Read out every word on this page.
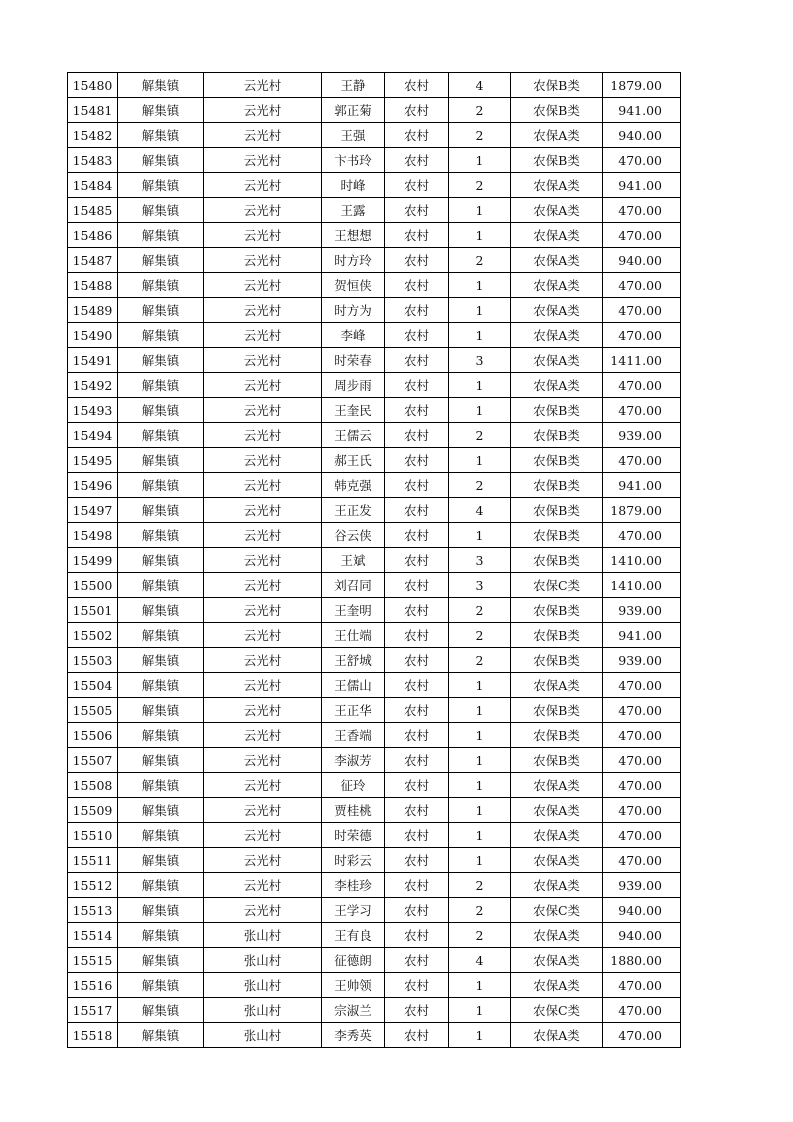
15480	解集镇	云光村	王静	农村	4	农保B类	1879.00
15481	解集镇	云光村	郭正菊	农村	2	农保B类	941.00
15482	解集镇	云光村	王强	农村	2	农保A类	940.00
15483	解集镇	云光村	卞书玲	农村	1	农保B类	470.00
15484	解集镇	云光村	时峰	农村	2	农保A类	941.00
15485	解集镇	云光村	王露	农村	1	农保A类	470.00
15486	解集镇	云光村	王想想	农村	1	农保A类	470.00
15487	解集镇	云光村	时方玲	农村	2	农保A类	940.00
15488	解集镇	云光村	贺恒侠	农村	1	农保A类	470.00
15489	解集镇	云光村	时方为	农村	1	农保A类	470.00
15490	解集镇	云光村	李峰	农村	1	农保A类	470.00
15491	解集镇	云光村	时荣春	农村	3	农保A类	1411.00
15492	解集镇	云光村	周步雨	农村	1	农保A类	470.00
15493	解集镇	云光村	王奎民	农村	1	农保B类	470.00
15494	解集镇	云光村	王儒云	农村	2	农保B类	939.00
15495	解集镇	云光村	郝王氏	农村	1	农保B类	470.00
15496	解集镇	云光村	韩克强	农村	2	农保B类	941.00
15497	解集镇	云光村	王正发	农村	4	农保B类	1879.00
15498	解集镇	云光村	谷云侠	农村	1	农保B类	470.00
15499	解集镇	云光村	王斌	农村	3	农保B类	1410.00
15500	解集镇	云光村	刘召同	农村	3	农保C类	1410.00
15501	解集镇	云光村	王奎明	农村	2	农保B类	939.00
15502	解集镇	云光村	王仕端	农村	2	农保B类	941.00
15503	解集镇	云光村	王舒城	农村	2	农保B类	939.00
15504	解集镇	云光村	王儒山	农村	1	农保A类	470.00
15505	解集镇	云光村	王正华	农村	1	农保B类	470.00
15506	解集镇	云光村	王香端	农村	1	农保B类	470.00
15507	解集镇	云光村	李淑芳	农村	1	农保B类	470.00
15508	解集镇	云光村	征玲	农村	1	农保A类	470.00
15509	解集镇	云光村	贾桂桃	农村	1	农保A类	470.00
15510	解集镇	云光村	时荣德	农村	1	农保A类	470.00
15511	解集镇	云光村	时彩云	农村	1	农保A类	470.00
15512	解集镇	云光村	李桂珍	农村	2	农保A类	939.00
15513	解集镇	云光村	王学习	农村	2	农保C类	940.00
15514	解集镇	张山村	王有良	农村	2	农保A类	940.00
15515	解集镇	张山村	征德朗	农村	4	农保A类	1880.00
15516	解集镇	张山村	王帅领	农村	1	农保A类	470.00
15517	解集镇	张山村	宗淑兰	农村	1	农保C类	470.00
15518	解集镇	张山村	李秀英	农村	1	农保A类	470.00
